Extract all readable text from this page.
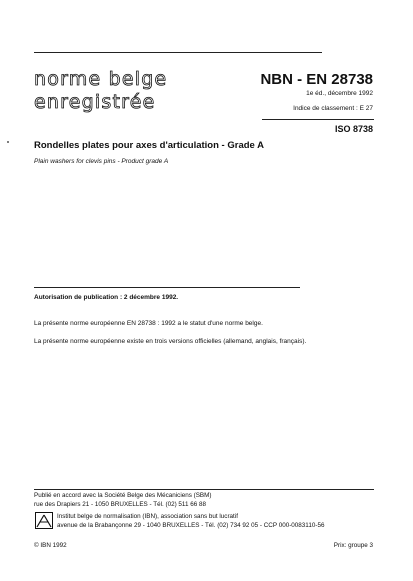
norme belge
enregistrée
NBN - EN 28738
1e éd., décembre 1992
Indice de classement : E 27
ISO 8738
Rondelles plates pour axes d'articulation - Grade A
Plain washers for clevis pins - Product grade A
Autorisation de publication : 2 décembre 1992.
La présente norme européenne EN 28738 : 1992 a le statut d'une norme belge.
La présente norme européenne existe en trois versions officielles (allemand, anglais, français).
Publié en accord avec la Société Belge des Mécaniciens (SBM)
rue des Drapiers 21 - 1050 BRUXELLES - Tél. (02) 511 66 88
Institut belge de normalisation (IBN), association sans but lucratif
avenue de la Brabançonne 29 - 1040 BRUXELLES - Tél. (02) 734 92 05 - CCP 000-0083110-56
© IBN 1992	Prix: groupe 3
